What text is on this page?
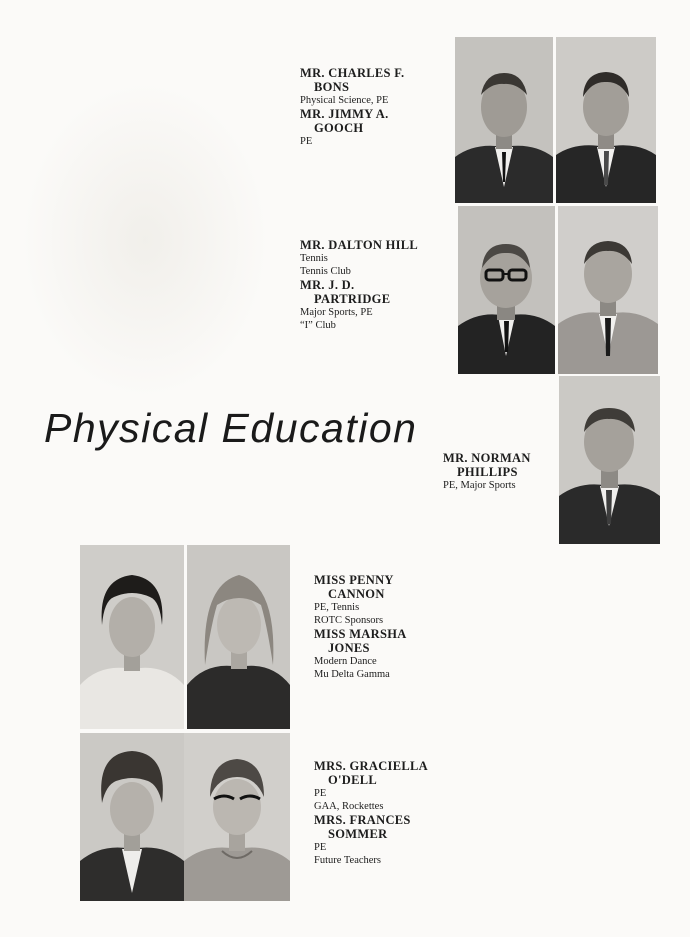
MR. CHARLES F.
BONS
Physical Science, PE
MR. JIMMY A.
GOOCH
PE
MR. DALTON HILL
Tennis
Tennis Club
MR. J. D.
PARTRIDGE
Major Sports, PE
“I” Club
MR. NORMAN
PHILLIPS
PE, Major Sports
MISS PENNY
CANNON
PE, Tennis
ROTC Sponsors
MISS MARSHA
JONES
Modern Dance
Mu Delta Gamma
MRS. GRACIELLA
O'DELL
PE
GAA, Rockettes
MRS. FRANCES
SOMMER
PE
Future Teachers
Physical Education
